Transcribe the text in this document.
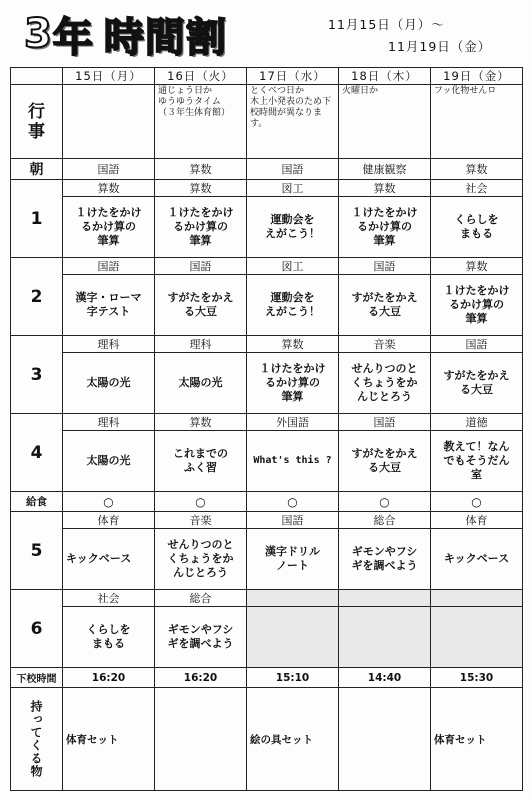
3 年 時間割	11月15日（月）～
11月19日（金）
	15日（月）	16日（火）	17日（水）	18日（木）	19日（金）
行
事		通じょう日か
ゆうゆうタイム
（３年生体育館）	とくべつ日か
木上小発表のため下
校時間が異なりま
す。	火曜日か	フッ化物せんロ
朝	国語	算数	国語	健康観察	算数
1	算数	算数	図工	算数	社会
	１けたをかけ
るかけ算の
筆算	１けたをかけ
るかけ算の
筆算	運動会を
えがこう！	１けたをかけ
るかけ算の
筆算	くらしを
まもる
2	国語	国語	図工	国語	算数
	漢字・ローマ
字テスト	すがたをかえ
る大豆	運動会を
えがこう！	すがたをかえ
る大豆	１けたをかけ
るかけ算の
筆算
3	理科	理科	算数	音楽	国語
	太陽の光	太陽の光	１けたをかけ
るかけ算の
筆算	せんりつのと
くちょうをか
んじとろう	すがたをかえ
る大豆
4	理科	算数	外国語	国語	道徳
	太陽の光	これまでの
ふく習	What's this ?	すがたをかえ
る大豆	教えて！なん
でもそうだん
室
給食	○	○	○	○	○
5	体育	音楽	国語	総合	体育
	キックベース	せんりつのと
くちょうをか
んじとろう	漢字ドリル
ノート	ギモンやフシ
ギを調べよう	キックベース
6	社会	総合			
	くらしを
まもる	ギモンやフシ
ギを調べよう			
下校時間	16:20	16:20	15:10	14:40	15:30

持ってくる物	体育セット		絵の具セット		体育セット
